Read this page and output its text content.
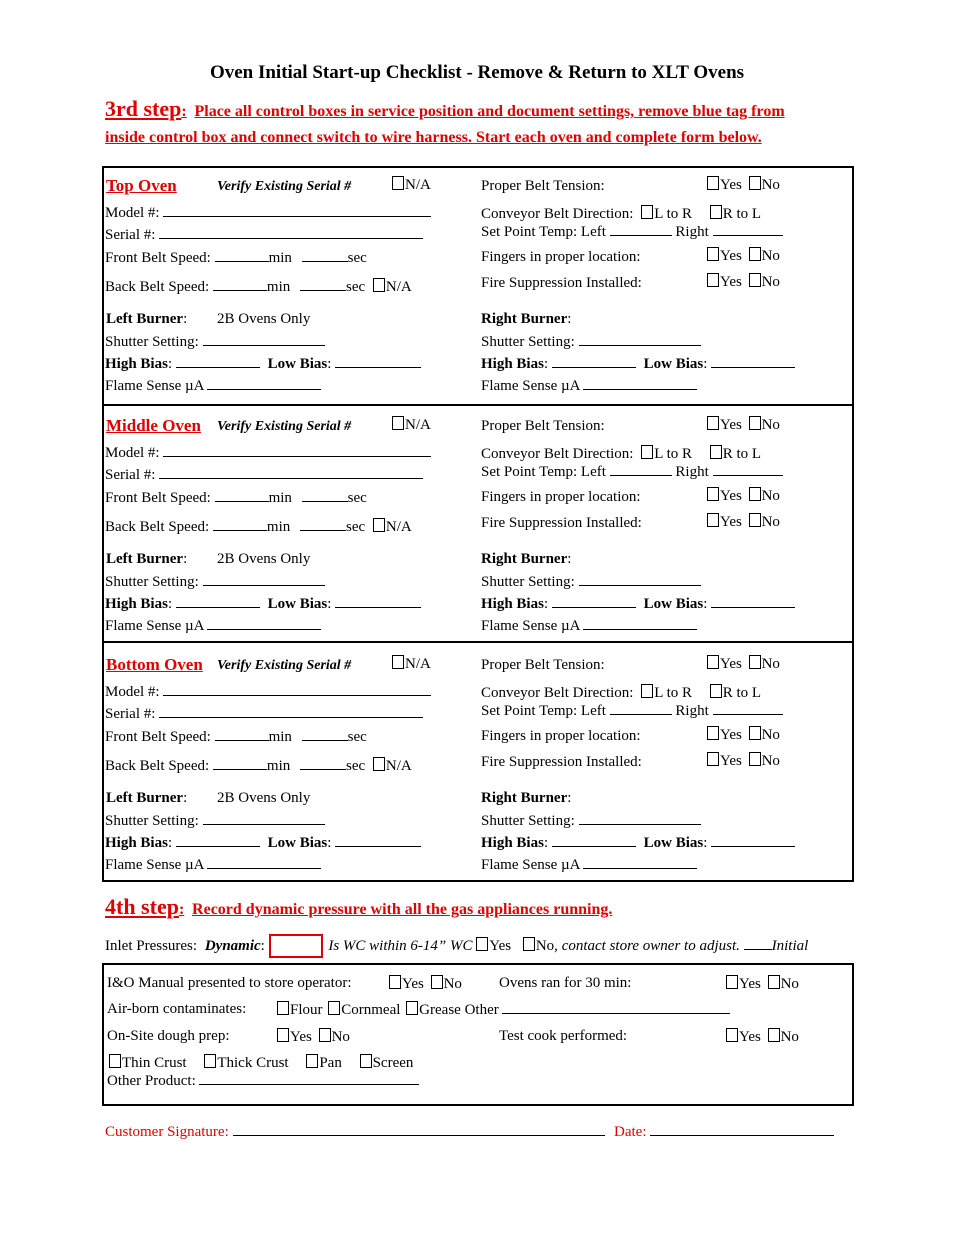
Oven Initial Start-up Checklist - Remove & Return to XLT Ovens
3rd step: Place all control boxes in service position and document settings, remove blue tag from
inside control box and connect switch to wire harness. Start each oven and complete form below.
Top Oven	Verify Existing Serial #	N/A
Model #:
Serial #:
Front Belt Speed:	min	sec
Back Belt Speed:	min	sec N/A
Left Burner: 2B Ovens Only
Shutter Setting:
High Bias:	Low Bias:
Flame Sense µA
Proper Belt Tension:	Yes No
Conveyor Belt Direction: L to R R to L
Set Point Temp: Left	Right
Fingers in proper location:	Yes No
Fire Suppression Installed:	Yes No
Right Burner:
Shutter Setting:
High Bias:	Low Bias:
Flame Sense µA
Middle Oven Verify Existing Serial #	N/A
Model #:
Serial #:
Front Belt Speed:	min	sec
Back Belt Speed:	min	sec N/A
Left Burner: 2B Ovens Only
Shutter Setting:
High Bias:	Low Bias:
Flame Sense µA
Proper Belt Tension:	Yes No
Conveyor Belt Direction: L to R R to L
Set Point Temp: Left	Right
Fingers in proper location:	Yes No
Fire Suppression Installed:	Yes No
Right Burner:
Shutter Setting:
High Bias:	Low Bias:
Flame Sense µA
Bottom Oven Verify Existing Serial #	N/A
Model #:
Serial #:
Front Belt Speed:	min	sec
Back Belt Speed:	min	sec N/A
Left Burner: 2B Ovens Only
Shutter Setting:
High Bias:	Low Bias:
Flame Sense µA
Proper Belt Tension:	Yes No
Conveyor Belt Direction: L to R R to L
Set Point Temp: Left	Right
Fingers in proper location:	Yes No
Fire Suppression Installed:	Yes No
Right Burner:
Shutter Setting:
High Bias:	Low Bias:
Flame Sense µA
4th step: Record dynamic pressure with all the gas appliances running.
Inlet Pressures: Dynamic:	Is WC within 6-14” WC Yes No, contact store owner to adjust. Initial
I&O Manual presented to store operator:	Yes No Ovens ran for 30 min:	Yes No
Air-born contaminates:	Flour Cornmeal Grease Other
On-Site dough prep:	Yes No	Test cook performed:	Yes No
Thin Crust Thick Crust Pan Screen
Other Product:
Customer Signature:	Date:
